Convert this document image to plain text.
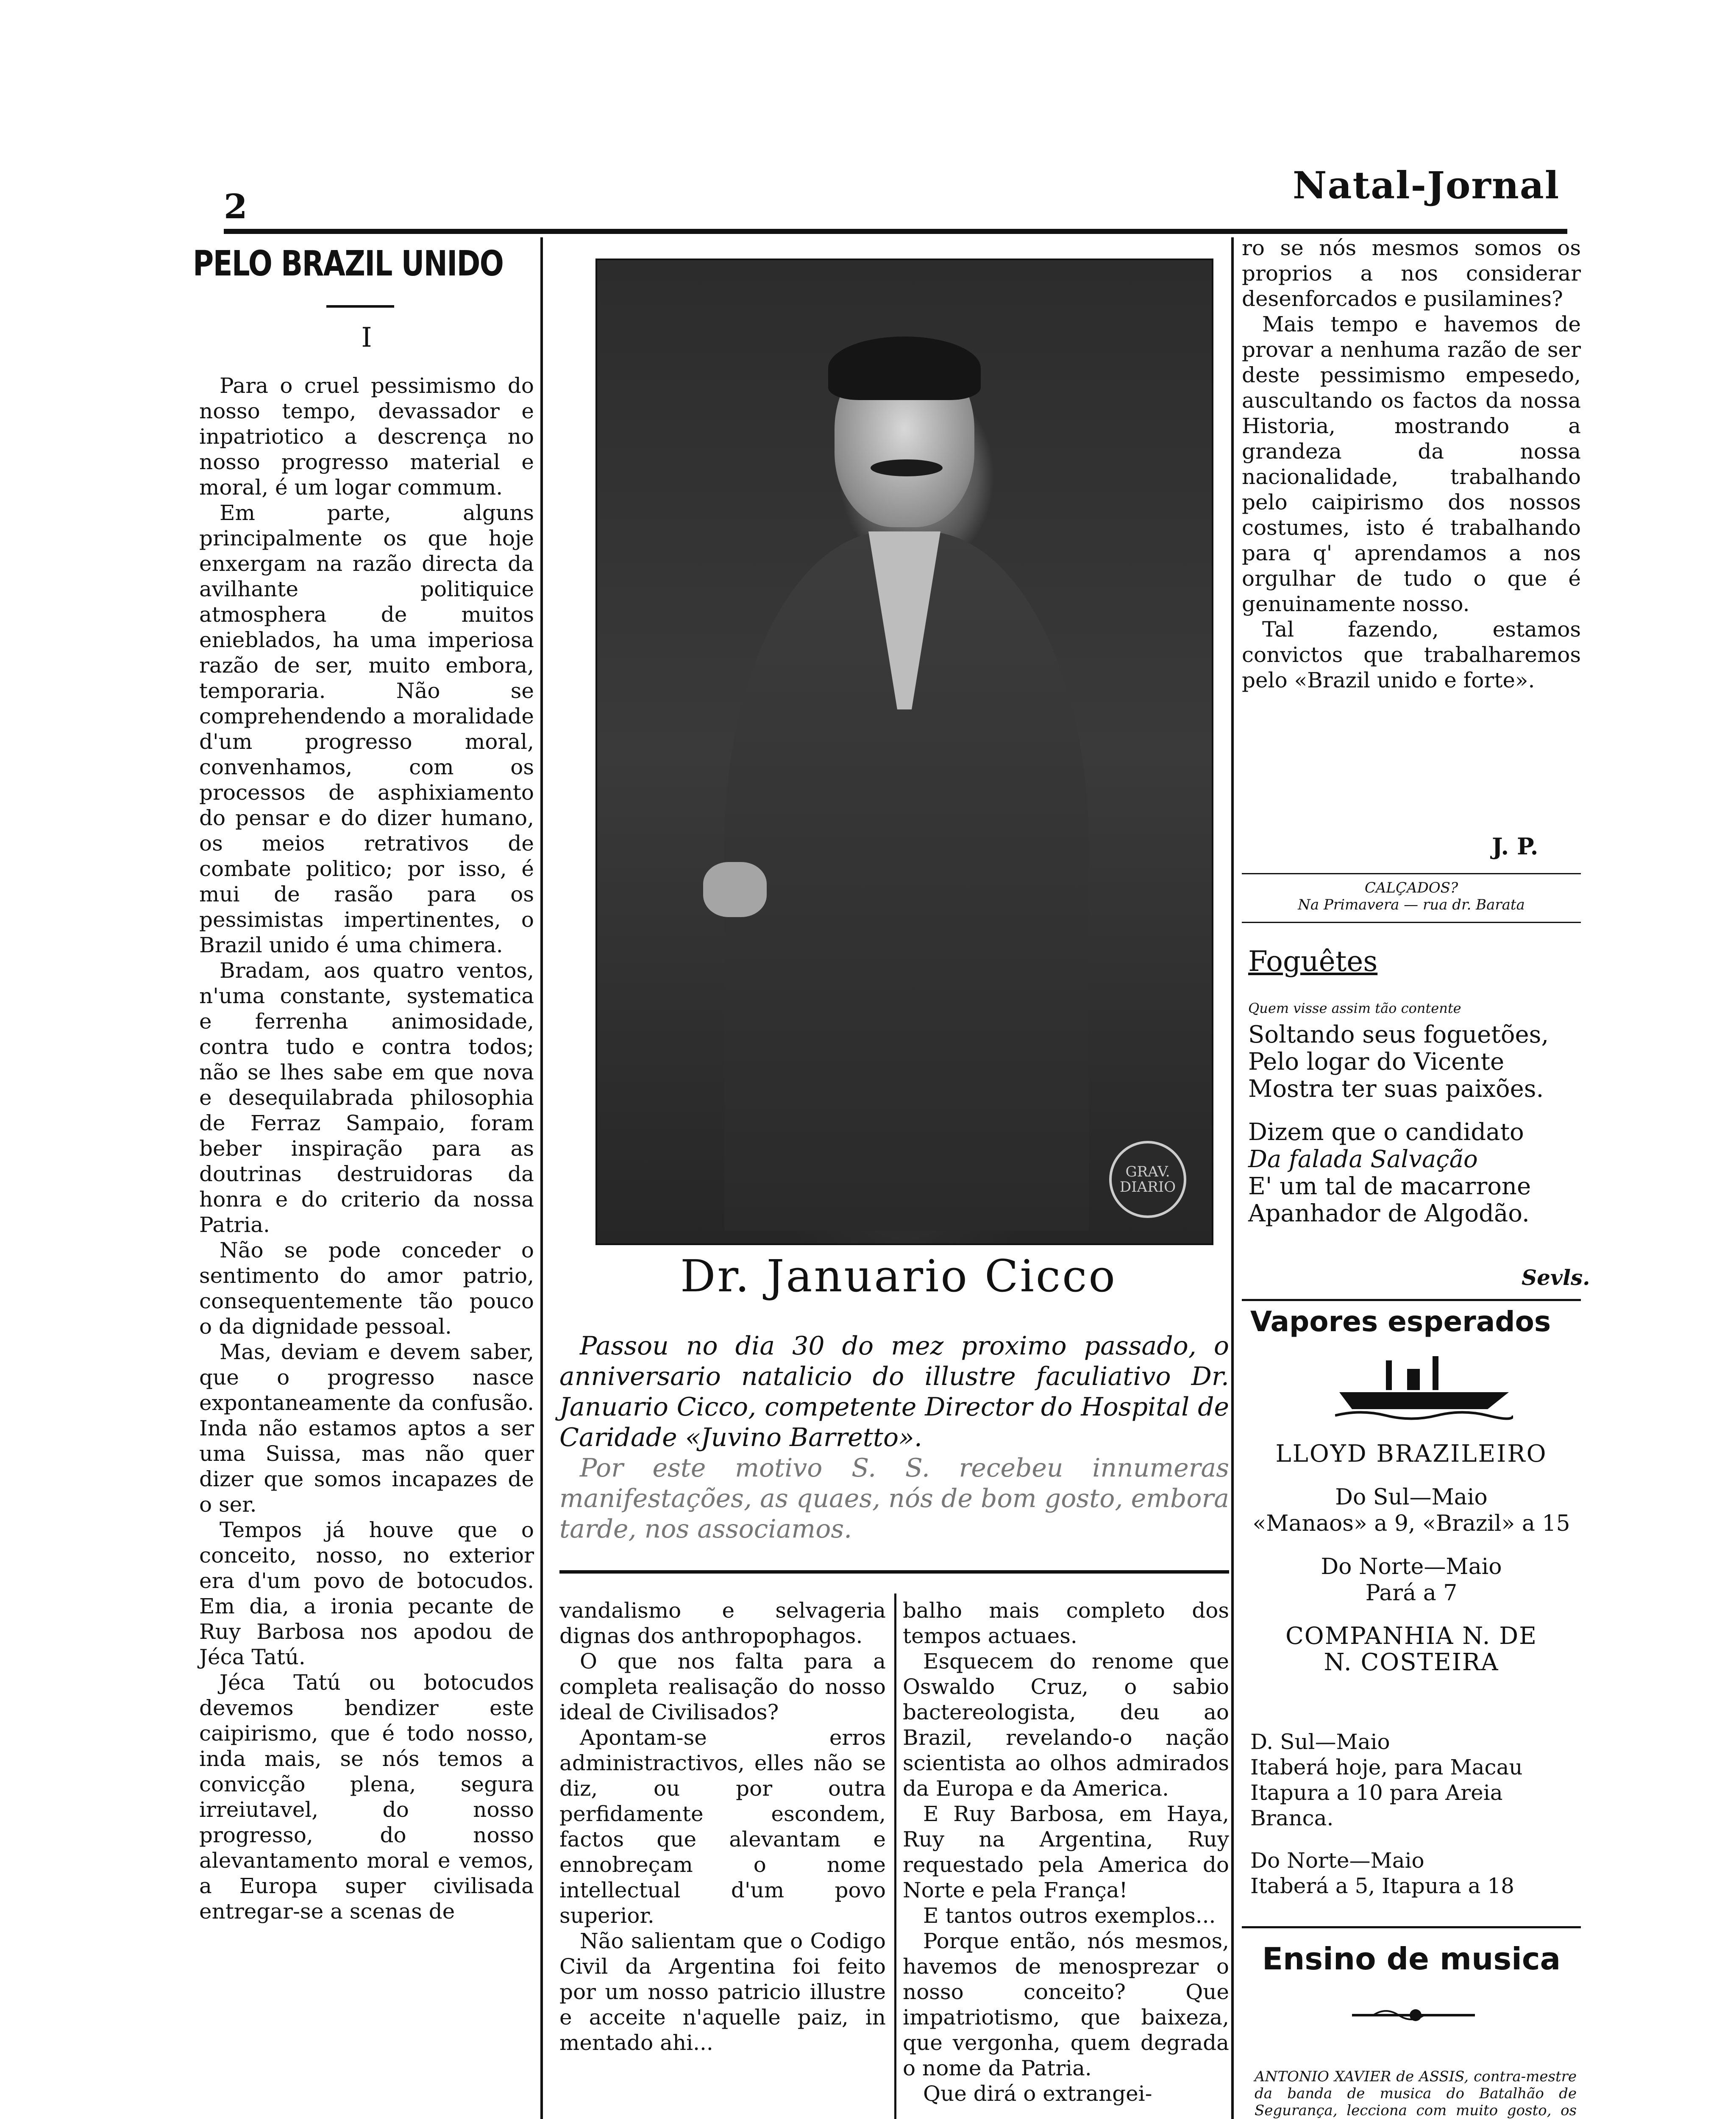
2	Natal-Jornal
PELO BRAZIL UNIDO
I

Para o cruel pessimismo do nosso tempo, devassador e inpatriotico a descrença no nosso progresso material e moral, é um logar commum.

Em parte, alguns principalmente os que hoje enxergam na razão directa da avilhante politiquice atmosphera de muitos enieblados, ha uma imperiosa razão de ser, muito embora, temporaria. Não se comprehendendo a moralidade d'um progresso moral, convenhamos, com os processos de asphixiamento do pensar e do dizer humano, os meios retrativos de combate politico; por isso, é mui de rasão para os pessimistas impertinentes, o Brazil unido é uma chimera.

Bradam, aos quatro ventos, n'uma constante, systematica e ferrenha animosidade, contra tudo e contra todos; não se lhes sabe em que nova e desequilabrada philosophia de Ferraz Sampaio, foram beber inspiração para as doutrinas destruidoras da honra e do criterio da nossa Patria.

Não se pode conceder o sentimento do amor patrio, consequentemente tão pouco o da dignidade pessoal.

Mas, deviam e devem saber, que o progresso nasce expontaneamente da confusão. Inda não estamos aptos a ser uma Suissa, mas não quer dizer que somos incapazes de o ser.

Tempos já houve que o conceito, nosso, no exterior era d'um povo de botocudos. Em dia, a ironia pecante de Ruy Barbosa nos apodou de Jéca Tatú.

Jéca Tatú ou botocudos devemos bendizer este caipirismo, que é todo nosso, inda mais, se nós temos a convicção plena, segura irreiutavel, do nosso progresso, do nosso alevantamento moral e vemos, a Europa super civilisada entregar-se a scenas de

GRAV. DIARIO
Dr. Januario Cicco

Passou no dia 30 do mez proximo passado, o anniversario natalicio do illustre faculiativo Dr. Januario Cicco, competente Director do Hospital de Caridade «Juvino Barretto».

Por este motivo S. S. recebeu innumeras manifestações, as quaes, nós de bom gosto, embora tarde, nos associamos.

vandalismo e selvageria dignas dos anthropophagos.

O que nos falta para a completa realisação do nosso ideal de Civilisados?

Apontam-se erros administractivos, elles não se diz, ou por outra perfidamente escondem, factos que alevantam e ennobreçam o nome intellectual d'um povo superior.

Não salientam que o Codigo Civil da Argentina foi feito por um nosso patricio illustre e acceite n'aquelle paiz, in mentado ahi...

balho mais completo dos tempos actuaes.

Esquecem do renome que Oswaldo Cruz, o sabio bactereologista, deu ao Brazil, revelando-o nação scientista ao olhos admirados da Europa e da America.

E Ruy Barbosa, em Haya, Ruy na Argentina, Ruy requestado pela America do Norte e pela França!

E tantos outros exemplos...

Porque então, nós mesmos, havemos de menosprezar o nosso conceito? Que impatriotismo, que baixeza, que vergonha, quem degrada o nome da Patria.

Que dirá o extrangei-

ro se nós mesmos somos os proprios a nos considerar desenforcados e pusilamines?

Mais tempo e havemos de provar a nenhuma razão de ser deste pessimismo empesedo, auscultando os factos da nossa Historia, mostrando a grandeza da nossa nacionalidade, trabalhando pelo caipirismo dos nossos costumes, isto é trabalhando para q' aprendamos a nos orgulhar de tudo o que é genuinamente nosso.

Tal fazendo, estamos convictos que trabalharemos pelo «Brazil unido e forte».

J. P.
CALÇADOS?
Na Primavera — rua dr. Barata
Foguêtes
Quem visse assim tão contente
Soltando seus foguetões,
Pelo logar do Vicente
Mostra ter suas paixões.
Dizem que o candidato
Da falada Salvação
E' um tal de macarrone
Apanhador de Algodão.
Sevls.
Vapores esperados
LLOYD BRAZILEIRO
Do Sul—Maio
«Manaos» a 9, «Brazil» a 15
Do Norte—Maio
Pará a 7
COMPANHIA N. DE
N. COSTEIRA
D. Sul—Maio
Itaberá hoje, para Macau
Itapura a 10 para Areia Branca.
Do Norte—Maio
Itaberá a 5, Itapura a 18
Ensino de musica
ANTONIO XAVIER de ASSIS, contra-mestre da banda de musica do Batalhão de Segurança, lecciona com muito gosto, os
